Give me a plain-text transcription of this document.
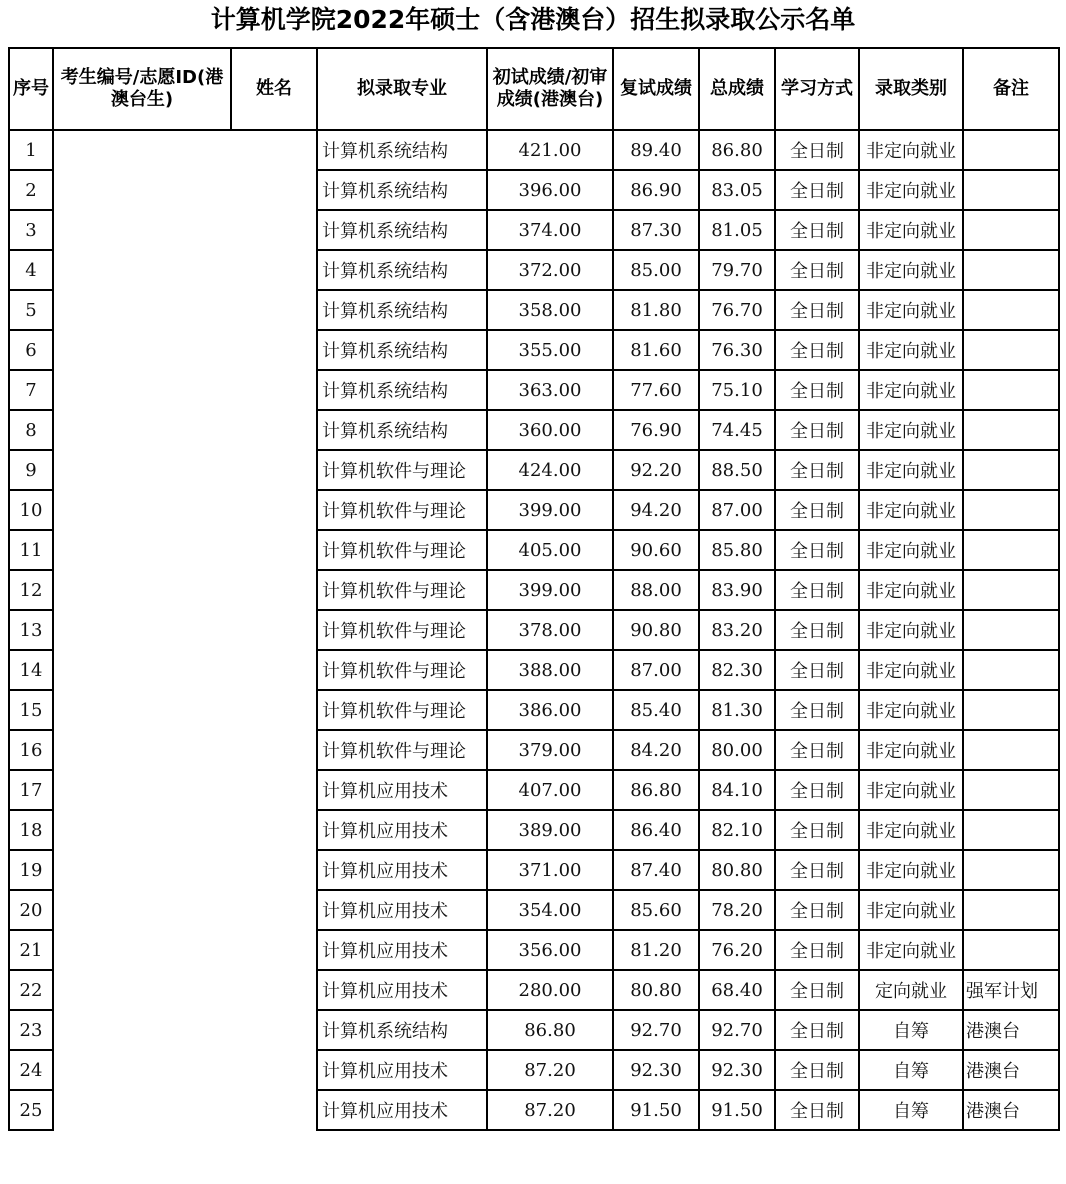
计算机学院2022年硕士（含港澳台）招生拟录取公示名单
序号	考生编号/志愿ID(港澳台生)	姓名	拟录取专业	初试成绩/初审成绩(港澳台)	复试成绩	总成绩	学习方式	录取类别	备注
1			计算机系统结构	421.00	89.40	86.80	全日制	非定向就业	
2			计算机系统结构	396.00	86.90	83.05	全日制	非定向就业	
3			计算机系统结构	374.00	87.30	81.05	全日制	非定向就业	
4			计算机系统结构	372.00	85.00	79.70	全日制	非定向就业	
5			计算机系统结构	358.00	81.80	76.70	全日制	非定向就业	
6			计算机系统结构	355.00	81.60	76.30	全日制	非定向就业	
7			计算机系统结构	363.00	77.60	75.10	全日制	非定向就业	
8			计算机系统结构	360.00	76.90	74.45	全日制	非定向就业	
9			计算机软件与理论	424.00	92.20	88.50	全日制	非定向就业	
10			计算机软件与理论	399.00	94.20	87.00	全日制	非定向就业	
11			计算机软件与理论	405.00	90.60	85.80	全日制	非定向就业	
12			计算机软件与理论	399.00	88.00	83.90	全日制	非定向就业	
13			计算机软件与理论	378.00	90.80	83.20	全日制	非定向就业	
14			计算机软件与理论	388.00	87.00	82.30	全日制	非定向就业	
15			计算机软件与理论	386.00	85.40	81.30	全日制	非定向就业	
16			计算机软件与理论	379.00	84.20	80.00	全日制	非定向就业	
17			计算机应用技术	407.00	86.80	84.10	全日制	非定向就业	
18			计算机应用技术	389.00	86.40	82.10	全日制	非定向就业	
19			计算机应用技术	371.00	87.40	80.80	全日制	非定向就业	
20			计算机应用技术	354.00	85.60	78.20	全日制	非定向就业	
21			计算机应用技术	356.00	81.20	76.20	全日制	非定向就业	
22			计算机应用技术	280.00	80.80	68.40	全日制	定向就业	强军计划
23			计算机系统结构	86.80	92.70	92.70	全日制	自筹	港澳台
24			计算机应用技术	87.20	92.30	92.30	全日制	自筹	港澳台
25			计算机应用技术	87.20	91.50	91.50	全日制	自筹	港澳台
